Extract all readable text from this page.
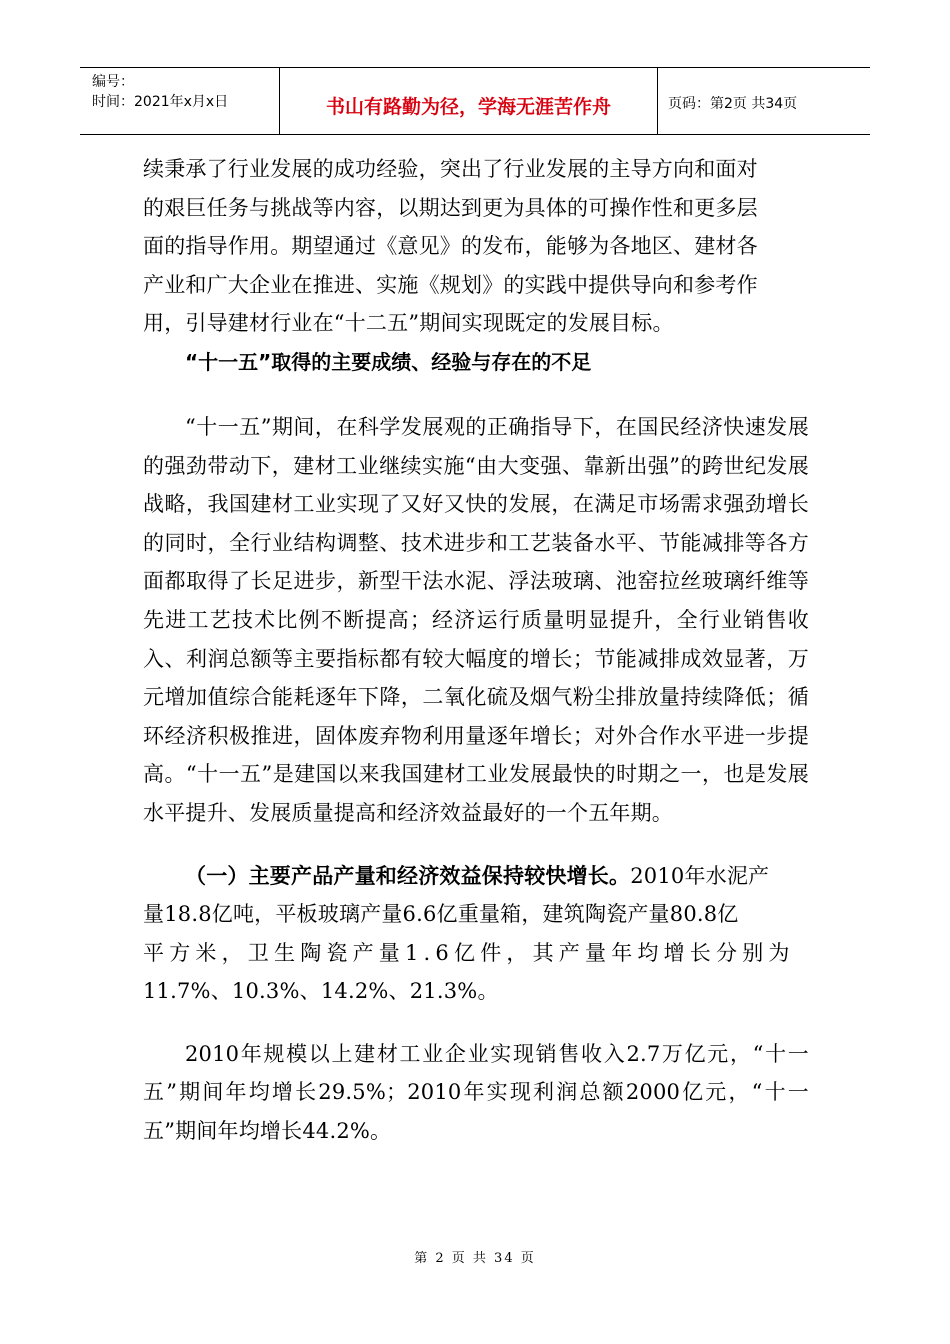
编号：
时间：2021年x月x日	书山有路勤为径，学海无涯苦作舟	页码：第2页 共34页

续秉承了行业发展的成功经验，突出了行业发展的主导方向和面对

的艰巨任务与挑战等内容，以期达到更为具体的可操作性和更多层

面的指导作用。期望通过《意见》的发布，能够为各地区、建材各

产业和广大企业在推进、实施《规划》的实践中提供导向和参考作

用，引导建材行业在“十二五”期间实现既定的发展目标。

“十一五”取得的主要成绩、经验与存在的不足

“十一五”期间，在科学发展观的正确指导下，在国民经济快速发展的强劲带动下，建材工业继续实施“由大变强、靠新出强”的跨世纪发展战略，我国建材工业实现了又好又快的发展，在满足市场需求强劲增长的同时，全行业结构调整、技术进步和工艺装备水平、节能减排等各方面都取得了长足进步，新型干法水泥、浮法玻璃、池窑拉丝玻璃纤维等先进工艺技术比例不断提高；经济运行质量明显提升，全行业销售收入、利润总额等主要指标都有较大幅度的增长；节能减排成效显著，万元增加值综合能耗逐年下降，二氧化硫及烟气粉尘排放量持续降低；循环经济积极推进，固体废弃物利用量逐年增长；对外合作水平进一步提高。“十一五”是建国以来我国建材工业发展最快的时期之一，也是发展水平提升、发展质量提高和经济效益最好的一个五年期。

（一）主要产品产量和经济效益保持较快增长。2010年水泥产

量18.8亿吨，平板玻璃产量6.6亿重量箱，建筑陶瓷产量80.8亿

平方米，卫生陶瓷产量1.6亿件，其产量年均增长分别为

11.7%、10.3%、14.2%、21.3%。

2010年规模以上建材工业企业实现销售收入2.7万亿元，“十一五”期间年均增长29.5%；2010年实现利润总额2000亿元，“十一五”期间年均增长44.2%。

第 2 页 共 34 页
